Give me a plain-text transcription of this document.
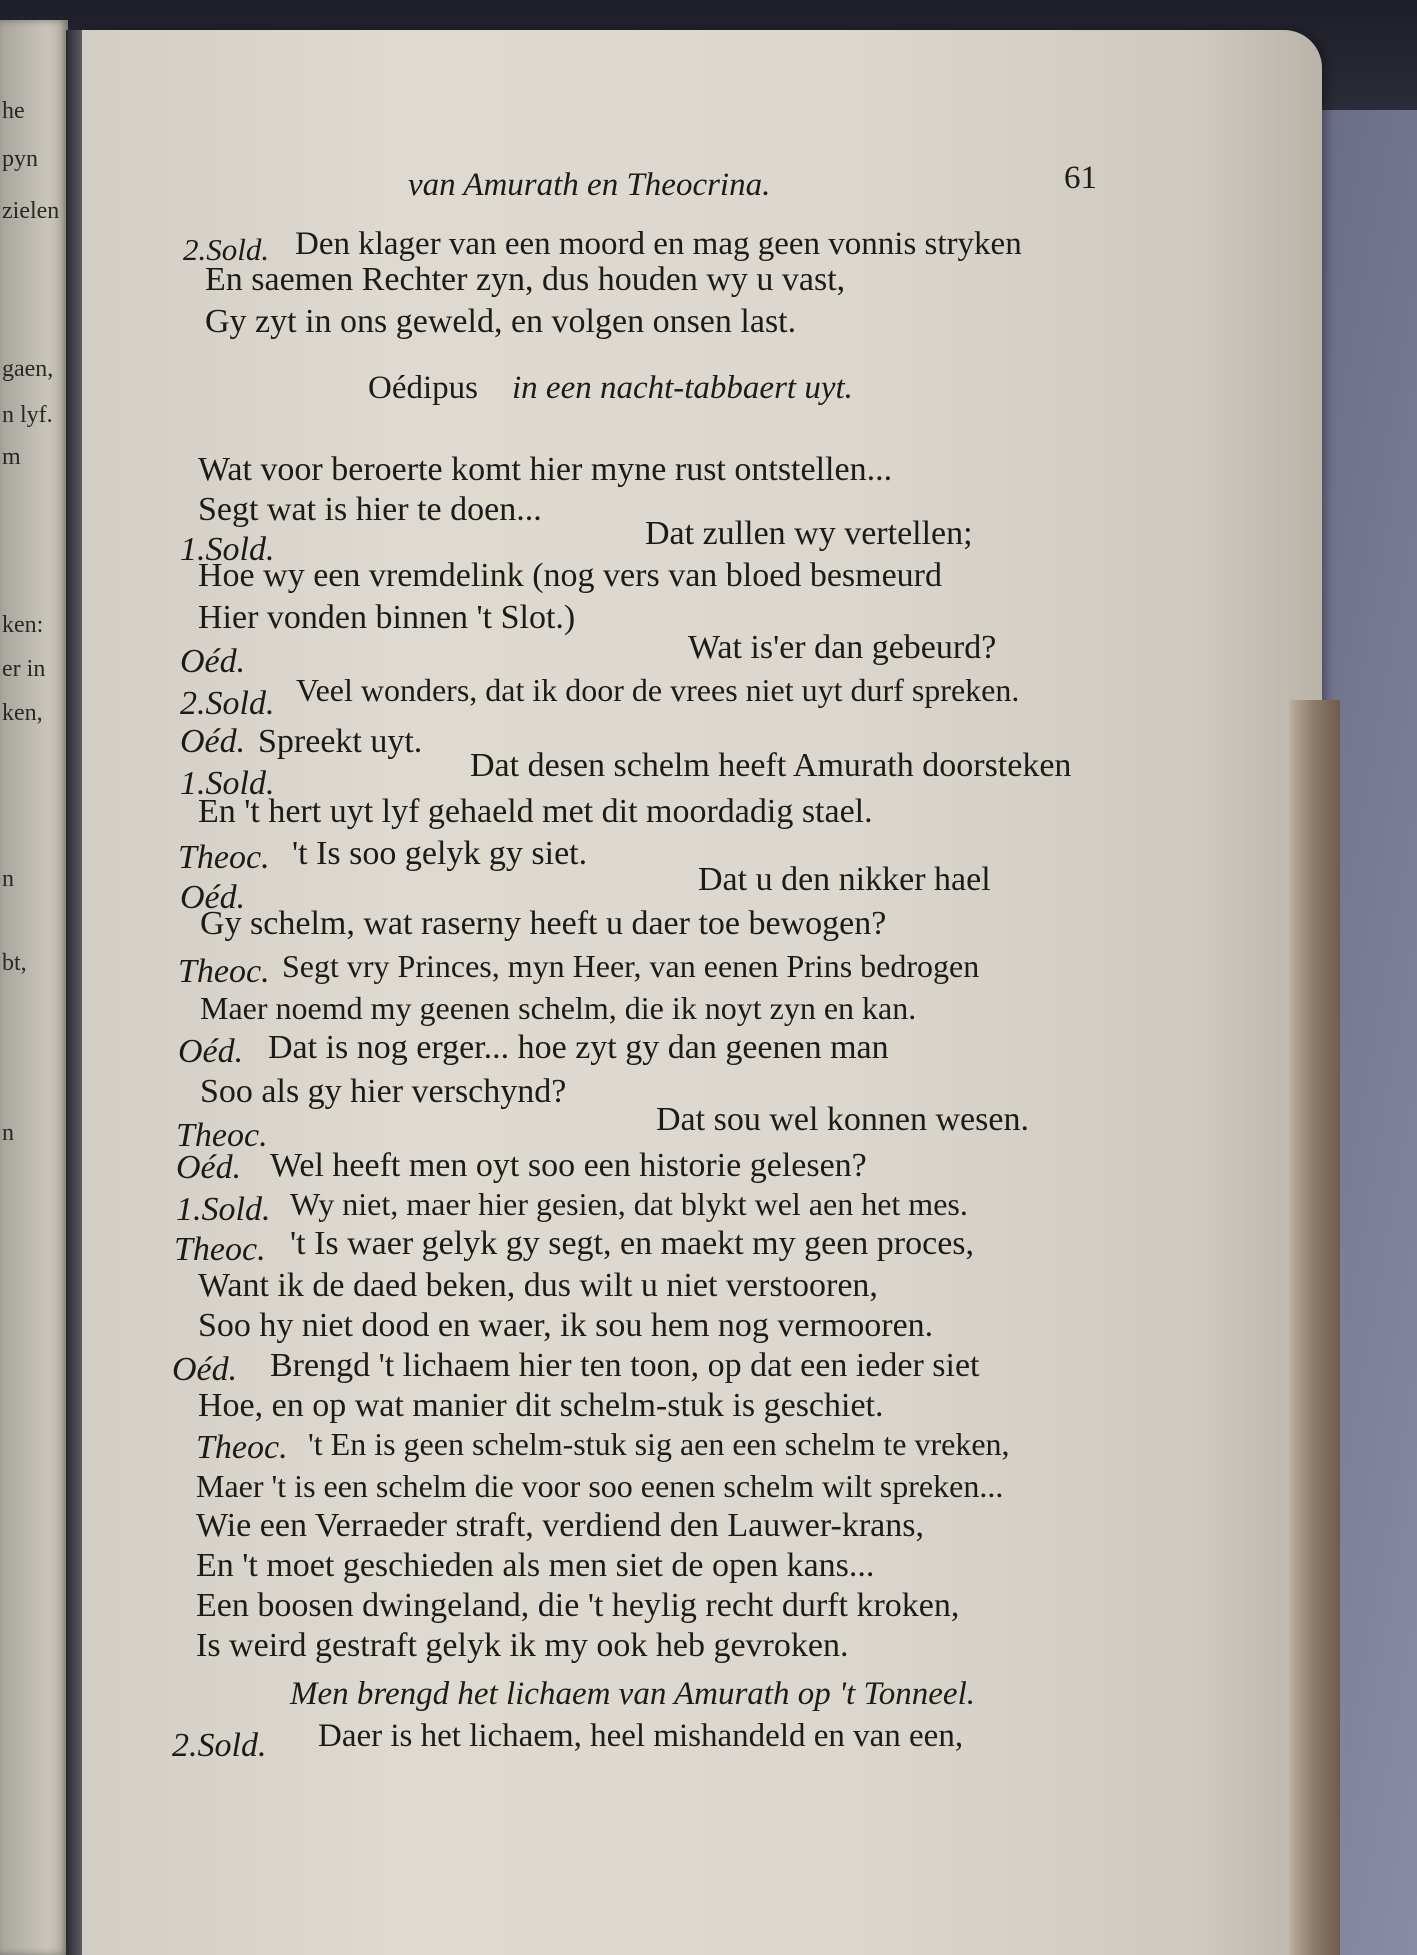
he
pyn
zielen
gaen,
n lyf.
m
ken:
er in
ken,
n
bt,
n
van Amurath en Theocrina.	61
2.Sold. Den klager van een moord en mag geen vonnis stryken
En saemen Rechter zyn, dus houden wy u vast,
Gy zyt in ons geweld, en volgen onsen last.
Oédipus in een nacht-tabbaert uyt.
Wat voor beroerte komt hier myne rust ontstellen...
Segt wat is hier te doen...
1.Sold.	Dat zullen wy vertellen;
Hoe wy een vremdelink (nog vers van bloed besmeurd
Hier vonden binnen 't Slot.)
Oéd.	Wat is'er dan gebeurd?
2.Sold. Veel wonders, dat ik door de vrees niet uyt durf spreken.
Oéd. Spreekt uyt.
1.Sold.	Dat desen schelm heeft Amurath doorsteken
En 't hert uyt lyf gehaeld met dit moordadig stael.
Theoc. 't Is soo gelyk gy siet.
Oéd.	Dat u den nikker hael
Gy schelm, wat raserny heeft u daer toe bewogen?
Theoc. Segt vry Princes, myn Heer, van eenen Prins bedrogen
Maer noemd my geenen schelm, die ik noyt zyn en kan.
Oéd. Dat is nog erger... hoe zyt gy dan geenen man
Soo als gy hier verschynd?
Theoc.	Dat sou wel konnen wesen.
Oéd. Wel heeft men oyt soo een historie gelesen?
1.Sold. Wy niet, maer hier gesien, dat blykt wel aen het mes.
Theoc. 't Is waer gelyk gy segt, en maekt my geen proces,
Want ik de daed beken, dus wilt u niet verstooren,
Soo hy niet dood en waer, ik sou hem nog vermooren.
Oéd. Brengd 't lichaem hier ten toon, op dat een ieder siet
Hoe, en op wat manier dit schelm-stuk is geschiet.
Theoc. 't En is geen schelm-stuk sig aen een schelm te vreken,
Maer 't is een schelm die voor soo eenen schelm wilt spreken...
Wie een Verraeder straft, verdiend den Lauwer-krans,
En 't moet geschieden als men siet de open kans...
Een boosen dwingeland, die 't heylig recht durft kroken,
Is weird gestraft gelyk ik my ook heb gevroken.
Men brengd het lichaem van Amurath op 't Tonneel.
2.Sold. Daer is het lichaem, heel mishandeld en van een,
